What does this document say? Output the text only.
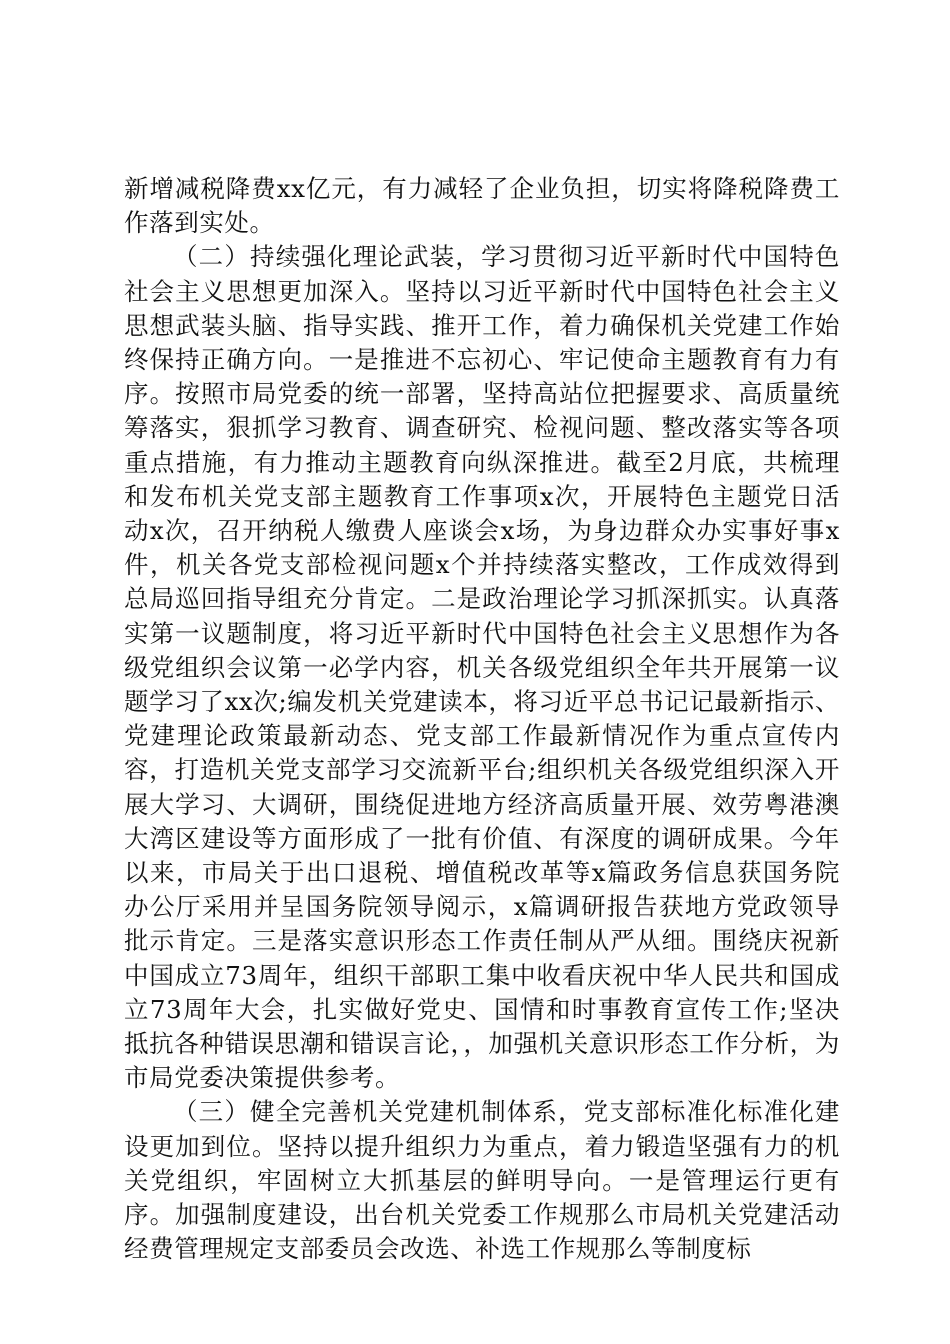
新增减税降费xx亿元，有力减轻了企业负担，切实将降税降费工作落到实处。

（二）持续强化理论武装，学习贯彻习近平新时代中国特色社会主义思想更加深入。坚持以习近平新时代中国特色社会主义思想武装头脑、指导实践、推开工作，着力确保机关党建工作始终保持正确方向。一是推进不忘初心、牢记使命主题教育有力有序。按照市局党委的统一部署，坚持高站位把握要求、高质量统筹落实，狠抓学习教育、调查研究、检视问题、整改落实等各项重点措施，有力推动主题教育向纵深推进。截至2月底，共梳理和发布机关党支部主题教育工作事项x次，开展特色主题党日活动x次，召开纳税人缴费人座谈会x场，为身边群众办实事好事x件，机关各党支部检视问题x个并持续落实整改，工作成效得到总局巡回指导组充分肯定。二是政治理论学习抓深抓实。认真落实第一议题制度，将习近平新时代中国特色社会主义思想作为各级党组织会议第一必学内容，机关各级党组织全年共开展第一议题学习了xx次;编发机关党建读本，将习近平总书记记最新指示、党建理论政策最新动态、党支部工作最新情况作为重点宣传内容，打造机关党支部学习交流新平台;组织机关各级党组织深入开展大学习、大调研，围绕促进地方经济高质量开展、效劳粤港澳大湾区建设等方面形成了一批有价值、有深度的调研成果。今年以来，市局关于出口退税、增值税改革等x篇政务信息获国务院办公厅采用并呈国务院领导阅示，x篇调研报告获地方党政领导批示肯定。三是落实意识形态工作责任制从严从细。围绕庆祝新中国成立73周年，组织干部职工集中收看庆祝中华人民共和国成立73周年大会，扎实做好党史、国情和时事教育宣传工作;坚决抵抗各种错误思潮和错误言论，，加强机关意识形态工作分析，为市局党委决策提供参考。

（三）健全完善机关党建机制体系，党支部标准化标准化建设更加到位。坚持以提升组织力为重点，着力锻造坚强有力的机关党组织，牢固树立大抓基层的鲜明导向。一是管理运行更有序。加强制度建设，出台机关党委工作规那么市局机关党建活动经费管理规定支部委员会改选、补选工作规那么等制度标
